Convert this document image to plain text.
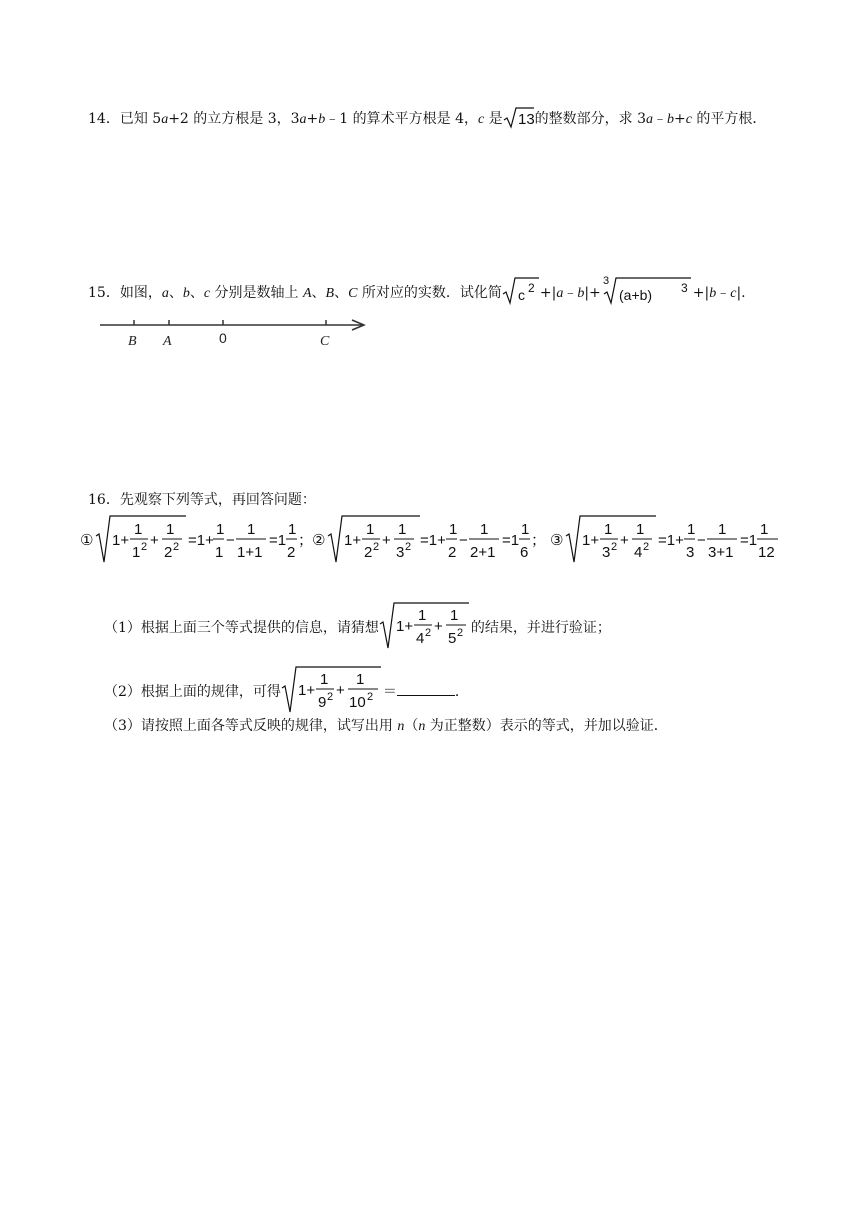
14．已知 5a+2 的立方根是 3，3a+b﹣1 的算术平方根是 4，c 是 13 的整数部分，求 3a﹣b+c 的平方根．
15．如图，a、b、c 分别是数轴上 A、B、C 所对应的实数．试化简 c 2 +|a﹣b|+
3
(a+b) 3 +|b﹣c|.
B A	0	C
16．先观察下列等式，再回答问题：
① 1+
1
1 2 +
1
2 2 =1+
1
1
−
1
1+1
=1
1
2
；
② 1+
1
2 2 +
1
3 2 =1+
1
2
−
1
2+1
=1
1
6
； ③ 1+
1
3 2 +
1
4 2 =1+
1
3
−
1
3+1
=1
1
12
（1）根据上面三个等式提供的信息，请猜想 1+
1
4 2 +
1
5 2 的结果，并进行验证；
（2）根据上面的规律，可得 1+
1
9 2 +
1
10 2 ＝	．
（3）请按照上面各等式反映的规律，试写出用 n（n 为正整数）表示的等式，并加以验证．
